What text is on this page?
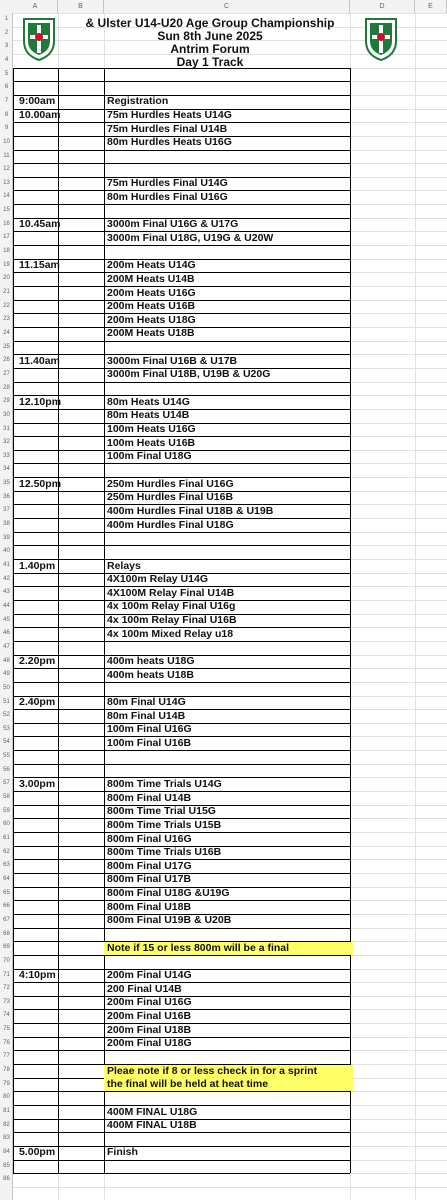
A	B	C	D	E
1
2
3
4
5
6
7
8
9
10
11
12
13
14
15
16
17
18
19
20
21
22
23
24
25
26
27
28
29
30
31
32
33
34
35
36
37
38
39
40
41
42
43
44
45
46
47
48
49
50
51
52
53
54
55
56
57
58
59
60
61
62
63
64
65
66
67
68
69
70
71
72
73
74
75
76
77
78
79
80
81
82
83
84
85
86
& Ulster U14-U20 Age Group Championship
Sun 8th June 2025
Antrim Forum
Day 1 Track
9:00am	Registration
10.00am	75m Hurdles Heats U14G
75m Hurdles Final U14B
80m Hurdles Heats U16G
75m Hurdles Final U14G
80m Hurdles Final U16G
10.45am	3000m Final U16G & U17G
3000m Final U18G, U19G & U20W
11.15am	200m Heats U14G
200M Heats U14B
200m Heats U16G
200m Heats U16B
200m Heats U18G
200M Heats U18B
11.40am	3000m Final U16B & U17B
3000m Final U18B, U19B & U20G
12.10pm	80m Heats U14G
80m Heats U14B
100m Heats U16G
100m Heats U16B
100m Final U18G
12.50pm	250m Hurdles Final U16G
250m Hurdles Final U16B
400m Hurdles Final U18B & U19B
400m Hurdles Final U18G
1.40pm	Relays
4X100m Relay U14G
4X100M Relay Final U14B
4x 100m Relay Final U16g
4x 100m Relay Final U16B
4x 100m Mixed Relay u18
2.20pm	400m heats U18G
400m heats U18B
2.40pm	80m Final U14G
80m Final U14B
100m Final U16G
100m Final U16B
3.00pm	800m Time Trials U14G
800m Final U14B
800m Time Trial U15G
800m Time Trials U15B
800m Final U16G
800m Time Trials U16B
800m Final U17G
800m Final U17B
800m Final U18G &U19G
800m Final U18B
800m Final U19B & U20B
Note if 15 or less 800m will be a final
4:10pm	200m Final U14G
200 Final U14B
200m Final U16G
200m Final U16B
200m Final U18B
200m Final U18G
Pleae note if 8 or less check in for a sprint
the final will be held at heat time
400M FINAL U18G
400M FINAL U18B
5.00pm	Finish
